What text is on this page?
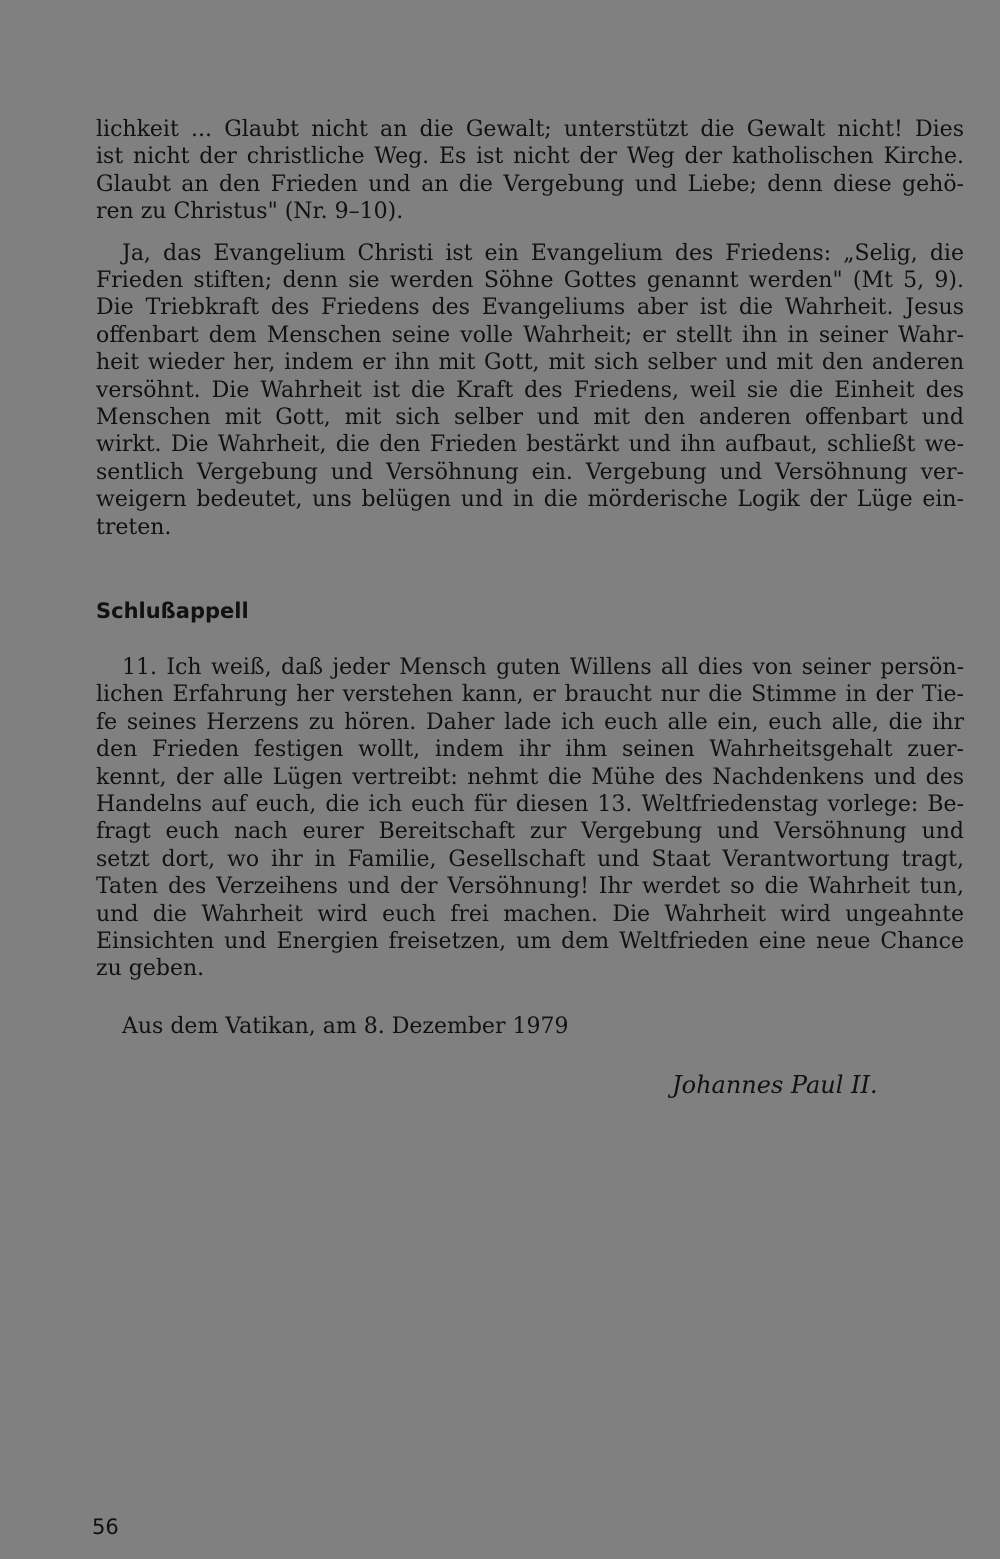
lichkeit ... Glaubt nicht an die Gewalt; unterstützt die Gewalt nicht! Dies
ist nicht der christliche Weg. Es ist nicht der Weg der katholischen Kirche.
Glaubt an den Frieden und an die Vergebung und Liebe; denn diese gehö-
ren zu Christus" (Nr. 9–10).

Ja, das Evangelium Christi ist ein Evangelium des Friedens: „Selig, die
Frieden stiften; denn sie werden Söhne Gottes genannt werden" (Mt 5, 9).
Die Triebkraft des Friedens des Evangeliums aber ist die Wahrheit. Jesus
offenbart dem Menschen seine volle Wahrheit; er stellt ihn in seiner Wahr-
heit wieder her, indem er ihn mit Gott, mit sich selber und mit den anderen
versöhnt. Die Wahrheit ist die Kraft des Friedens, weil sie die Einheit des
Menschen mit Gott, mit sich selber und mit den anderen offenbart und
wirkt. Die Wahrheit, die den Frieden bestärkt und ihn aufbaut, schließt we-
sentlich Vergebung und Versöhnung ein. Vergebung und Versöhnung ver-
weigern bedeutet, uns belügen und in die mörderische Logik der Lüge ein-
treten.

Schlußappell

11. Ich weiß, daß jeder Mensch guten Willens all dies von seiner persön-
lichen Erfahrung her verstehen kann, er braucht nur die Stimme in der Tie-
fe seines Herzens zu hören. Daher lade ich euch alle ein, euch alle, die ihr
den Frieden festigen wollt, indem ihr ihm seinen Wahrheitsgehalt zuer-
kennt, der alle Lügen vertreibt: nehmt die Mühe des Nachdenkens und des
Handelns auf euch, die ich euch für diesen 13. Weltfriedenstag vorlege: Be-
fragt euch nach eurer Bereitschaft zur Vergebung und Versöhnung und
setzt dort, wo ihr in Familie, Gesellschaft und Staat Verantwortung tragt,
Taten des Verzeihens und der Versöhnung! Ihr werdet so die Wahrheit tun,
und die Wahrheit wird euch frei machen. Die Wahrheit wird ungeahnte
Einsichten und Energien freisetzen, um dem Weltfrieden eine neue Chance
zu geben.

Aus dem Vatikan, am 8. Dezember 1979
Johannes Paul II.
56
